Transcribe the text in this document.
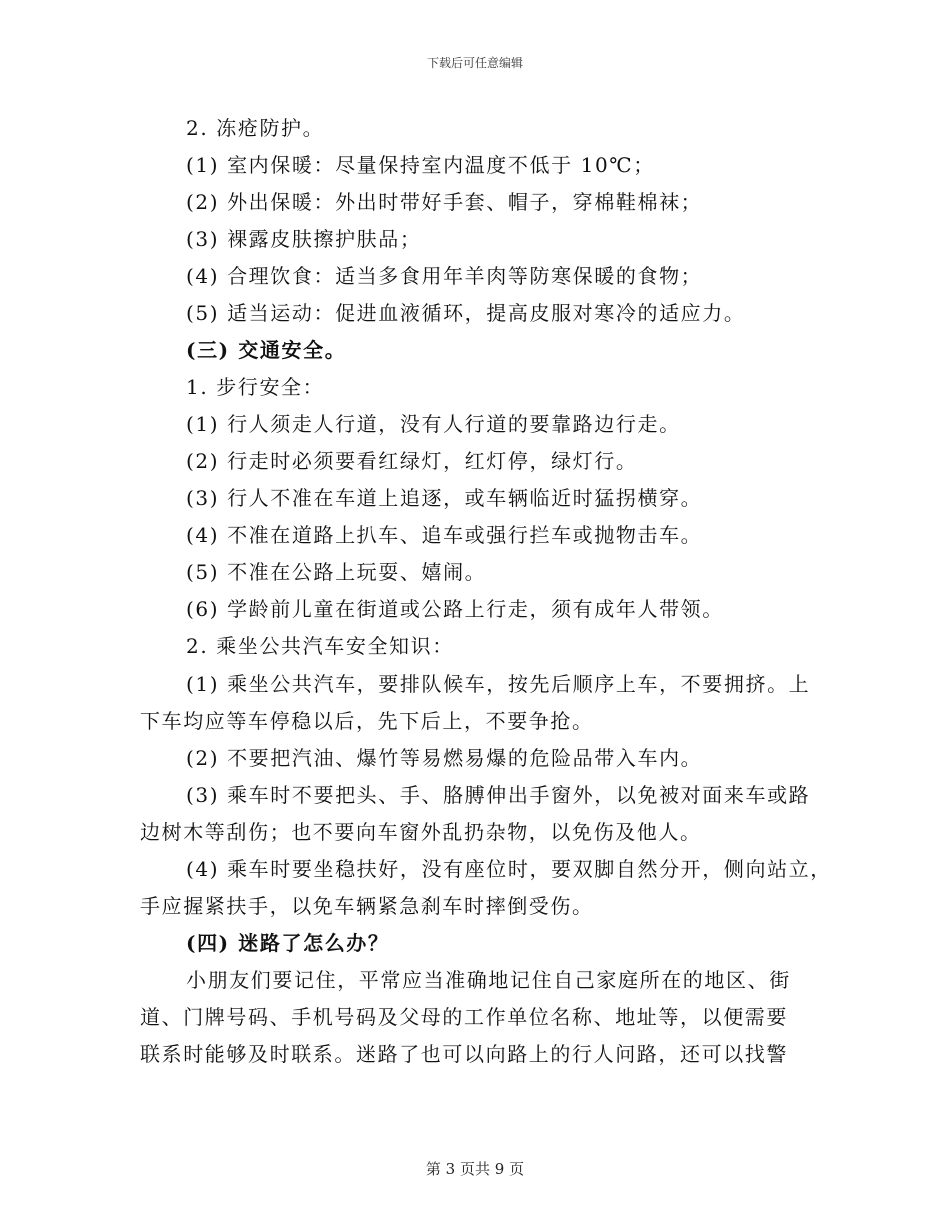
下载后可任意编辑
2. 冻疮防护。
(1) 室内保暖：尽量保持室内温度不低于 10℃；
(2) 外出保暖：外出时带好手套、帽子，穿棉鞋棉袜；
(3) 裸露皮肤擦护肤品；
(4) 合理饮食：适当多食用年羊肉等防寒保暖的食物；
(5) 适当运动：促进血液循环，提高皮服对寒冷的适应力。
(三) 交通安全。
1. 步行安全：
(1) 行人须走人行道，没有人行道的要靠路边行走。
(2) 行走时必须要看红绿灯，红灯停，绿灯行。
(3) 行人不准在车道上追逐，或车辆临近时猛拐横穿。
(4) 不准在道路上扒车、追车或强行拦车或抛物击车。
(5) 不准在公路上玩耍、嬉闹。
(6) 学龄前儿童在街道或公路上行走，须有成年人带领。
2. 乘坐公共汽车安全知识：
(1) 乘坐公共汽车，要排队候车，按先后顺序上车，不要拥挤。上
下车均应等车停稳以后，先下后上，不要争抢。
(2) 不要把汽油、爆竹等易燃易爆的危险品带入车内。
(3) 乘车时不要把头、手、胳膊伸出手窗外，以免被对面来车或路
边树木等刮伤；也不要向车窗外乱扔杂物，以免伤及他人。
(4) 乘车时要坐稳扶好，没有座位时，要双脚自然分开，侧向站立，
手应握紧扶手，以免车辆紧急刹车时摔倒受伤。
(四) 迷路了怎么办？
小朋友们要记住，平常应当准确地记住自己家庭所在的地区、街
道、门牌号码、手机号码及父母的工作单位名称、地址等，以便需要
联系时能够及时联系。迷路了也可以向路上的行人问路，还可以找警
第 3 页共 9 页
